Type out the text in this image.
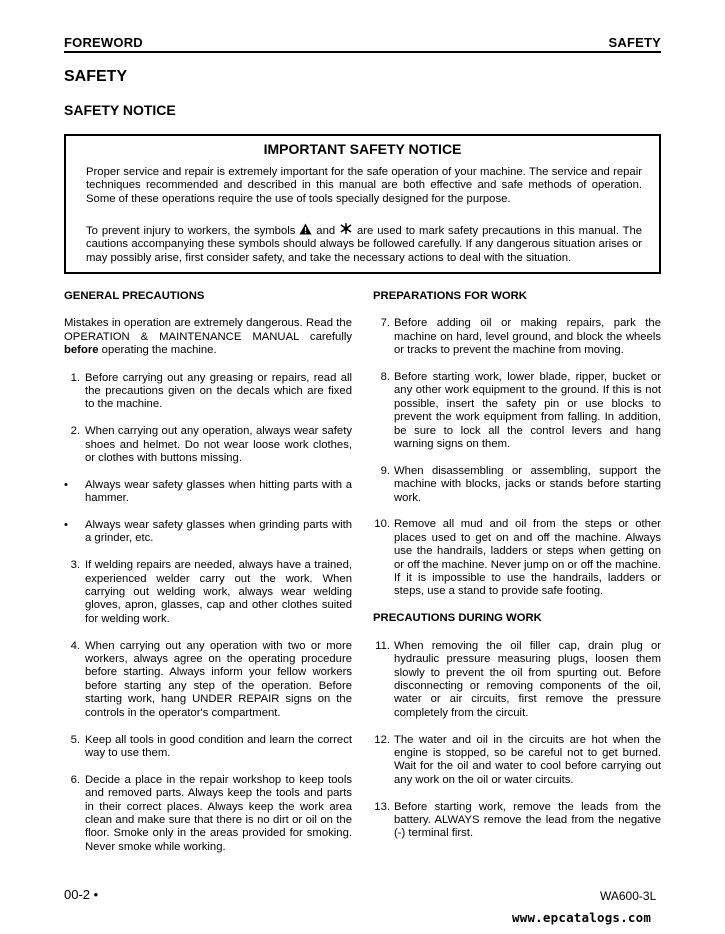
FOREWORD	SAFETY
SAFETY
SAFETY NOTICE
IMPORTANT SAFETY NOTICE
Proper service and repair is extremely important for the safe operation of your machine. The service and repair techniques recommended and described in this manual are both effective and safe methods of operation. Some of these operations require the use of tools specially designed for the purpose.
To prevent injury to workers, the symbols and are used to mark safety precautions in this manual. The cautions accompanying these symbols should always be followed carefully. If any dangerous situation arises or may possibly arise, first consider safety, and take the necessary actions to deal with the situation.
GENERAL PRECAUTIONS
Mistakes in operation are extremely dangerous. Read the OPERATION & MAINTENANCE MANUAL carefully before operating the machine.
1. Before carrying out any greasing or repairs, read all the precautions given on the decals which are fixed to the machine.
2. When carrying out any operation, always wear safety shoes and helmet. Do not wear loose work clothes, or clothes with buttons missing.
•	Always wear safety glasses when hitting parts with a hammer.
•	Always wear safety glasses when grinding parts with a grinder, etc.
3. If welding repairs are needed, always have a trained, experienced welder carry out the work. When carrying out welding work, always wear welding gloves, apron, glasses, cap and other clothes suited for welding work.
4. When carrying out any operation with two or more workers, always agree on the operating procedure before starting. Always inform your fellow workers before starting any step of the operation. Before starting work, hang UNDER REPAIR signs on the controls in the operator's compartment.
5. Keep all tools in good condition and learn the correct way to use them.
6. Decide a place in the repair workshop to keep tools and removed parts. Always keep the tools and parts in their correct places. Always keep the work area clean and make sure that there is no dirt or oil on the floor. Smoke only in the areas provided for smoking. Never smoke while working.
PREPARATIONS FOR WORK
7. Before adding oil or making repairs, park the machine on hard, level ground, and block the wheels or tracks to prevent the machine from moving.
8. Before starting work, lower blade, ripper, bucket or any other work equipment to the ground. If this is not possible, insert the safety pin or use blocks to prevent the work equipment from falling. In addition, be sure to lock all the control levers and hang warning signs on them.
9. When disassembling or assembling, support the machine with blocks, jacks or stands before starting work.
10. Remove all mud and oil from the steps or other places used to get on and off the machine. Always use the handrails, ladders or steps when getting on or off the machine. Never jump on or off the machine. If it is impossible to use the handrails, ladders or steps, use a stand to provide safe footing.
PRECAUTIONS DURING WORK
11. When removing the oil filler cap, drain plug or hydraulic pressure measuring plugs, loosen them slowly to prevent the oil from spurting out. Before disconnecting or removing components of the oil, water or air circuits, first remove the pressure completely from the circuit.
12. The water and oil in the circuits are hot when the engine is stopped, so be careful not to get burned. Wait for the oil and water to cool before carrying out any work on the oil or water circuits.
13. Before starting work, remove the leads from the battery. ALWAYS remove the lead from the negative (-) terminal first.
00-2 •	WA600-3L
www.epcatalogs.com
